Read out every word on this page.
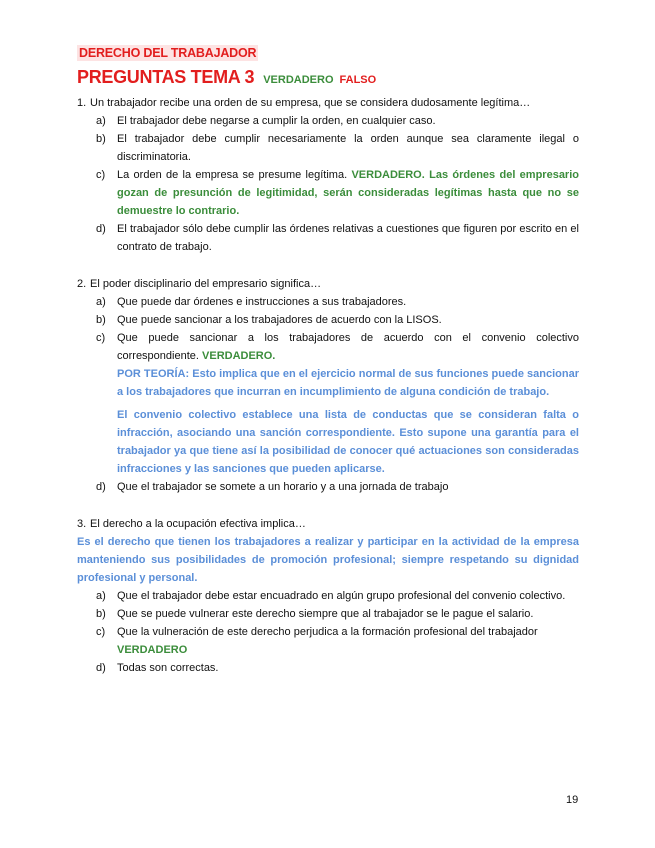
DERECHO DEL TRABAJADOR
PREGUNTAS TEMA 3 VERDADERO FALSO
1. Un trabajador recibe una orden de su empresa, que se considera dudosamente legítima…
a)	El trabajador debe negarse a cumplir la orden, en cualquier caso.
b)	El trabajador debe cumplir necesariamente la orden aunque sea claramente ilegal o discriminatoria.
c)	La orden de la empresa se presume legítima. VERDADERO. Las órdenes del empresario gozan de presunción de legitimidad, serán consideradas legítimas hasta que no se demuestre lo contrario.
d)	El trabajador sólo debe cumplir las órdenes relativas a cuestiones que figuren por escrito en el contrato de trabajo.
2. El poder disciplinario del empresario significa…
a)	Que puede dar órdenes e instrucciones a sus trabajadores.
b)	Que puede sancionar a los trabajadores de acuerdo con la LISOS.
c)	Que puede sancionar a los trabajadores de acuerdo con el convenio colectivo correspondiente. VERDADERO.
POR TEORÍA: Esto implica que en el ejercicio normal de sus funciones puede sancionar a los trabajadores que incurran en incumplimiento de alguna condición de trabajo.
El convenio colectivo establece una lista de conductas que se consideran falta o infracción, asociando una sanción correspondiente. Esto supone una garantía para el trabajador ya que tiene así la posibilidad de conocer qué actuaciones son consideradas infracciones y las sanciones que pueden aplicarse.
d)	Que el trabajador se somete a un horario y a una jornada de trabajo
3. El derecho a la ocupación efectiva implica…
Es el derecho que tienen los trabajadores a realizar y participar en la actividad de la empresa manteniendo sus posibilidades de promoción profesional; siempre respetando su dignidad profesional y personal.
a)	Que el trabajador debe estar encuadrado en algún grupo profesional del convenio colectivo.
b)	Que se puede vulnerar este derecho siempre que al trabajador se le pague el salario.
c)	Que la vulneración de este derecho perjudica a la formación profesional del trabajador
VERDADERO
d)	Todas son correctas.
19
